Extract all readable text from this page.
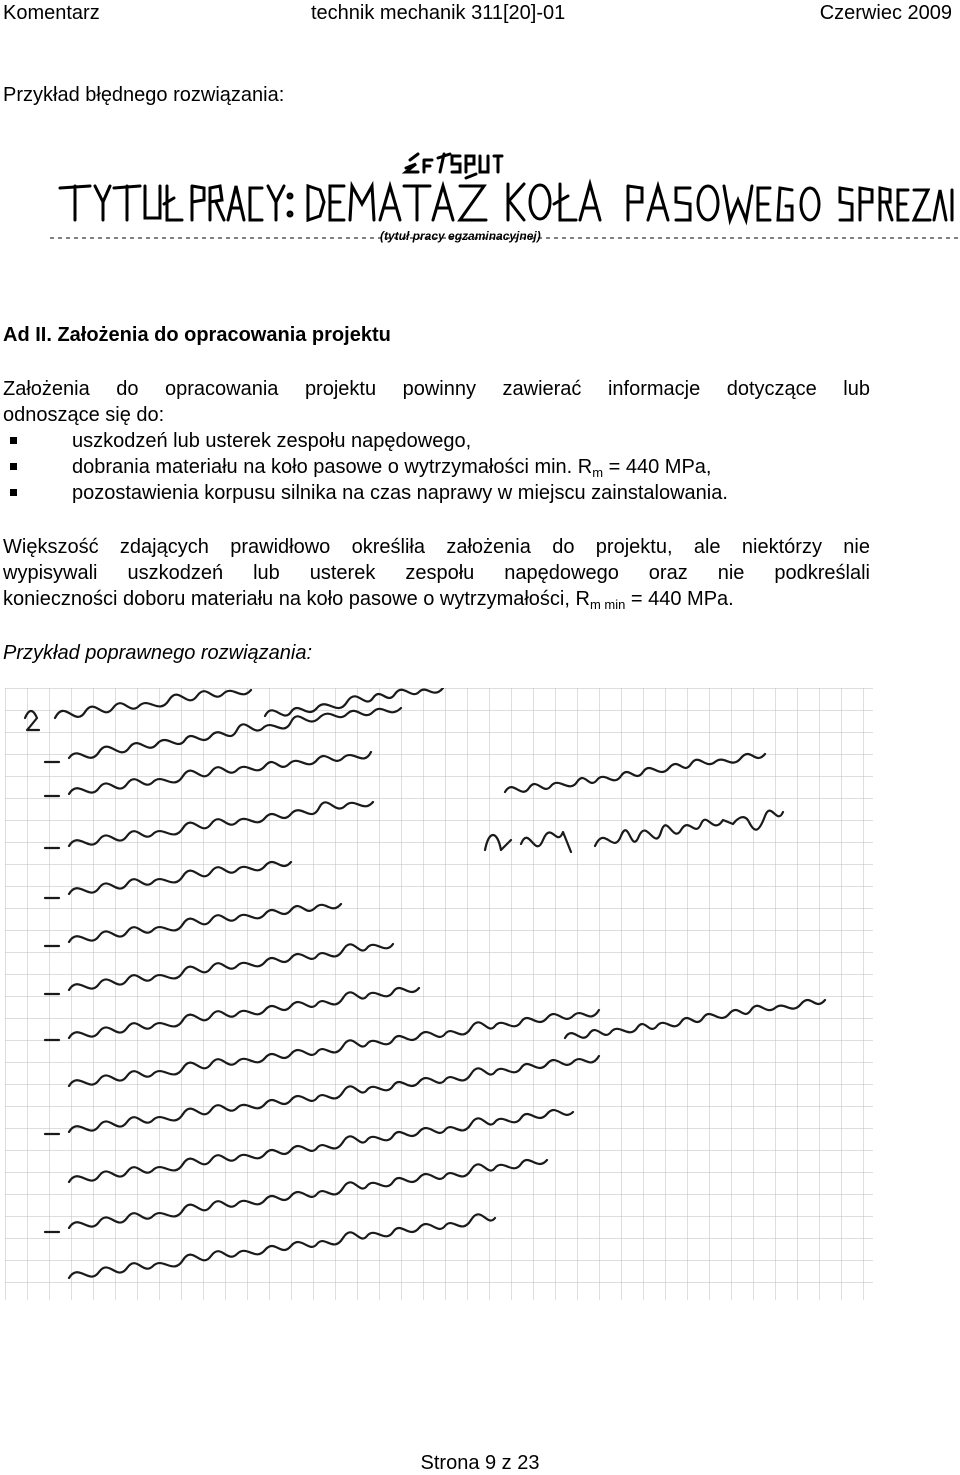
Komentarz	technik mechanik 311[20]-01	Czerwiec 2009
Przykład błędnego rozwiązania:
(tytuł pracy egzaminacyjnej)
Ad II. Założenia do opracowania projektu
Założenia do opracowania projektu powinny zawierać informacje dotyczące lub
odnoszące się do:
uszkodzeń lub usterek zespołu napędowego,
dobrania materiału na koło pasowe o wytrzymałości min. $R_m = 440$ MPa,
pozostawienia korpusu silnika na czas naprawy w miejscu zainstalowania.
Większość zdających prawidłowo określiła założenia do projektu, ale niektórzy nie
wypisywali uszkodzeń lub usterek zespołu napędowego oraz nie podkreślali
konieczności doboru materiału na koło pasowe o wytrzymałości, $R_{m min} = 440$ MPa.
Przykład poprawnego rozwiązania:
Strona 9 z 23
